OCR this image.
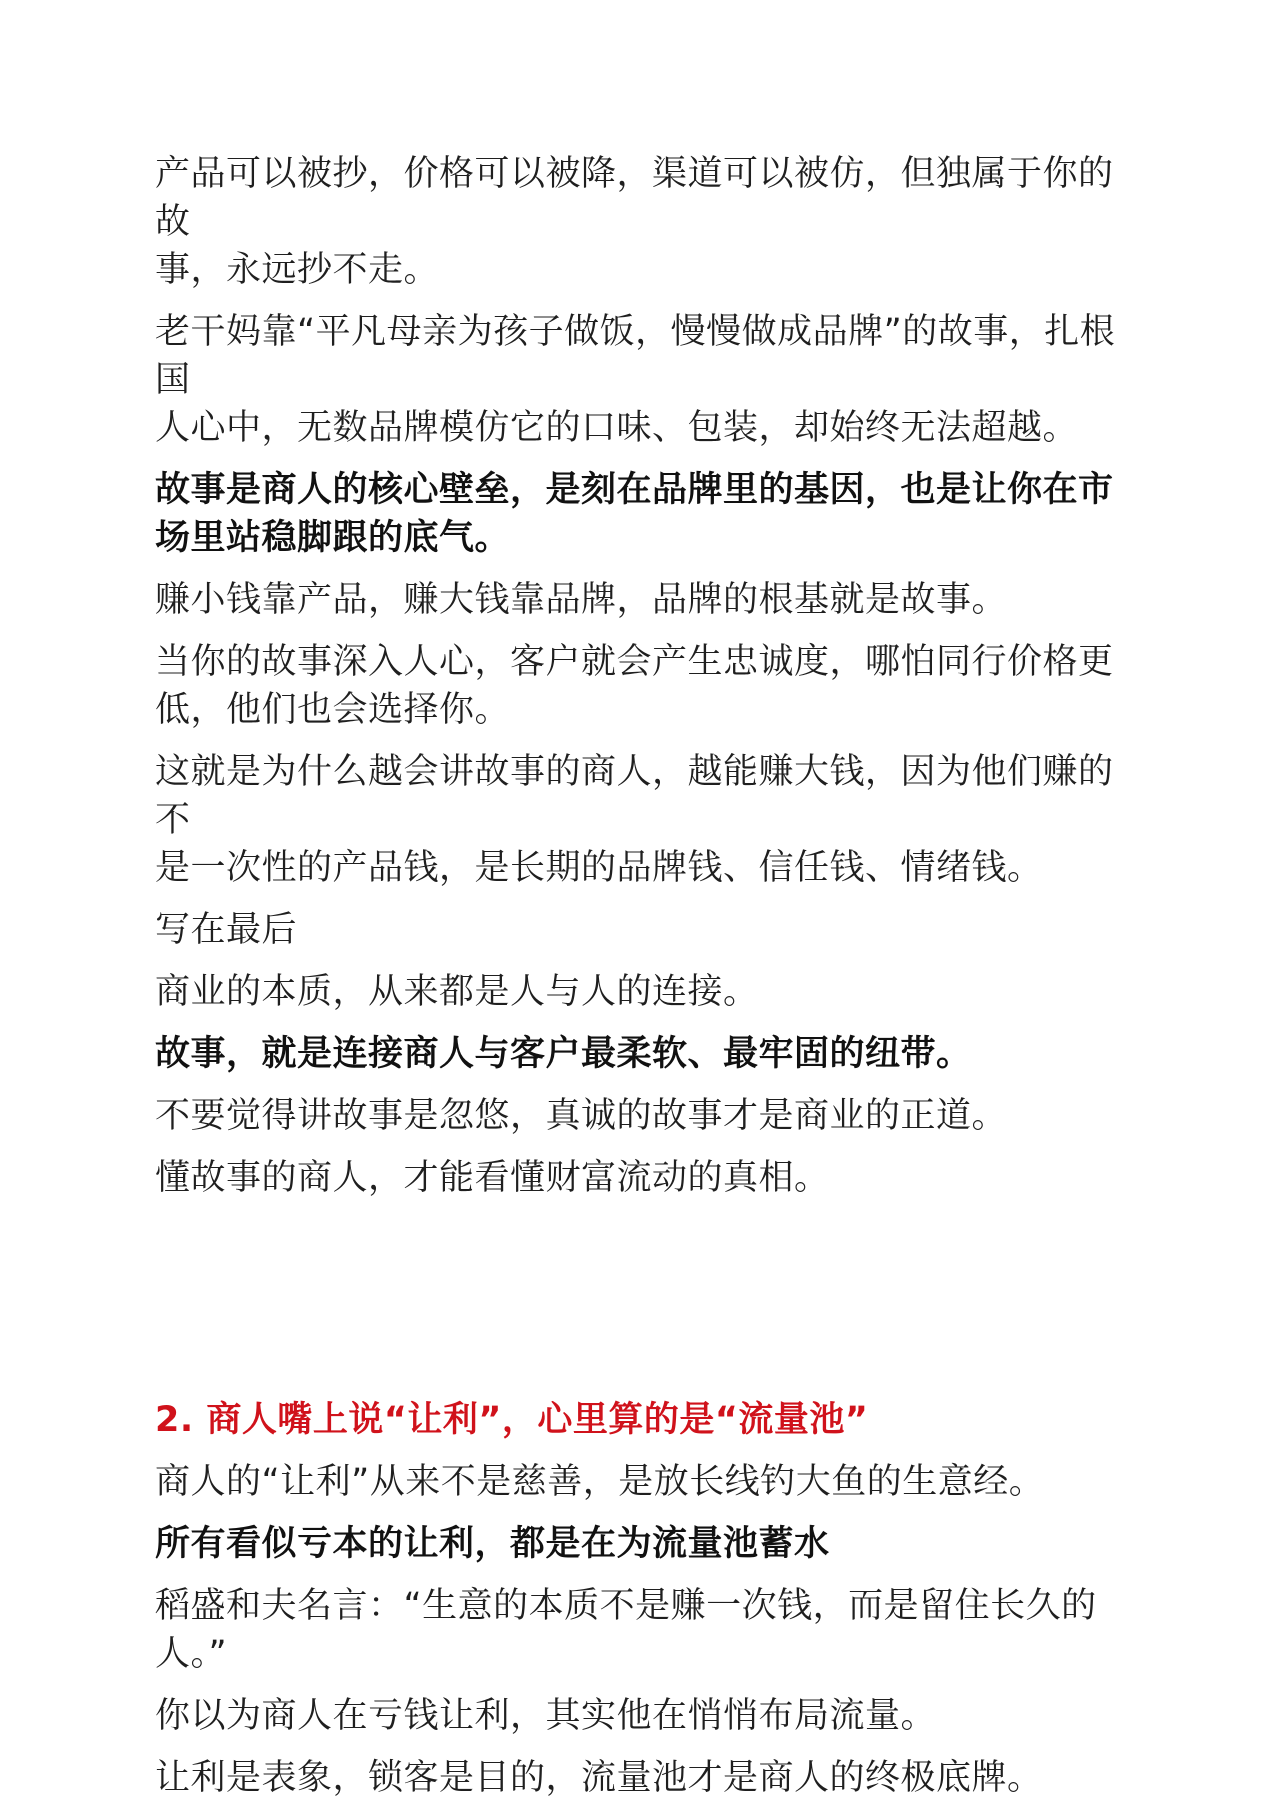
产品可以被抄，价格可以被降，渠道可以被仿，但独属于你的故
事，永远抄不走。

老干妈靠“平凡母亲为孩子做饭，慢慢做成品牌”的故事，扎根国
人心中，无数品牌模仿它的口味、包装，却始终无法超越。

故事是商人的核心壁垒，是刻在品牌里的基因，也是让你在市
场里站稳脚跟的底气。

赚小钱靠产品，赚大钱靠品牌，品牌的根基就是故事。

当你的故事深入人心，客户就会产生忠诚度，哪怕同行价格更
低，他们也会选择你。

这就是为什么越会讲故事的商人，越能赚大钱，因为他们赚的不
是一次性的产品钱，是长期的品牌钱、信任钱、情绪钱。

写在最后

商业的本质，从来都是人与人的连接。

故事，就是连接商人与客户最柔软、最牢固的纽带。

不要觉得讲故事是忽悠，真诚的故事才是商业的正道。

懂故事的商人，才能看懂财富流动的真相。

2. 商人嘴上说“让利”，心里算的是“流量池”

商人的“让利”从来不是慈善，是放长线钓大鱼的生意经。

所有看似亏本的让利，都是在为流量池蓄水

稻盛和夫名言：“生意的本质不是赚一次钱，而是留住长久的
人。”

你以为商人在亏钱让利，其实他在悄悄布局流量。

让利是表象，锁客是目的，流量池才是商人的终极底牌。
